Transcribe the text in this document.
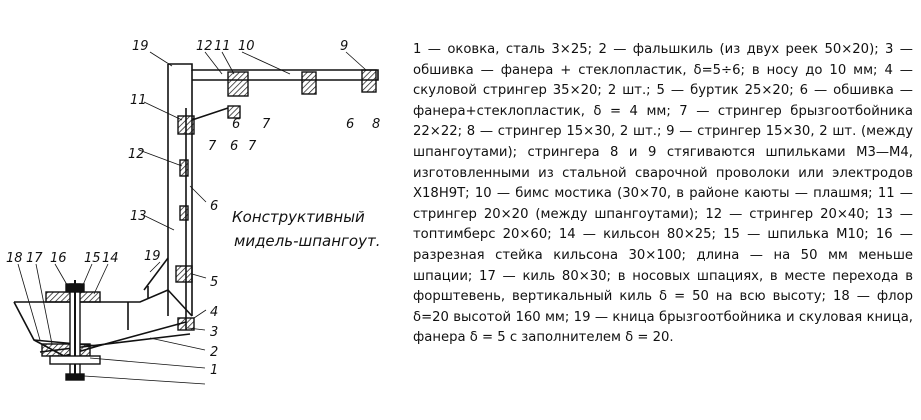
19	12 11 10	9
6 7	6 8
11
7 6 7
12
6
13
5
19
4
3
2
1
18 17 16 15 14
Конструктивный
мидель-шпангоут.
1 — оковка, сталь 3×25; 2 — фальшкиль (из двух реек 50×20); 3 — обшивка — фанера + стеклопластик, δ=5÷6; в носу до 10 мм; 4 — скуловой стрингер 35×20; 2 шт.; 5 — буртик 25×20; 6 — обшивка — фанера+стеклопластик, δ = 4 мм; 7 — стрингер брызгоотбойника 22×22; 8 — стрингер 15×30, 2 шт.; 9 — стрингер 15×30, 2 шт. (между шпангоутами); стрингера 8 и 9 стягиваются шпильками М3—М4, изготовленными из стальной сварочной проволоки или электродов Х18Н9Т; 10 — бимс мостика (30×70, в районе каюты — плашмя; 11 — стрингер 20×20 (между шпангоутами); 12 — стрингер 20×40; 13 — топтимберс 20×60; 14 — кильсон 80×25; 15 — шпилька М10; 16 — разрезная стейка кильсона 30×100; длина — на 50 мм меньше шпации; 17 — киль 80×30; в носовых шпациях, в месте перехода в форштевень, вертикальный киль δ = 50 на всю высоту; 18 — флор δ=20 высотой 160 мм; 19 — кница брызгоотбойника и скуловая кница, фанера δ = 5 с заполнителем δ = 20.
